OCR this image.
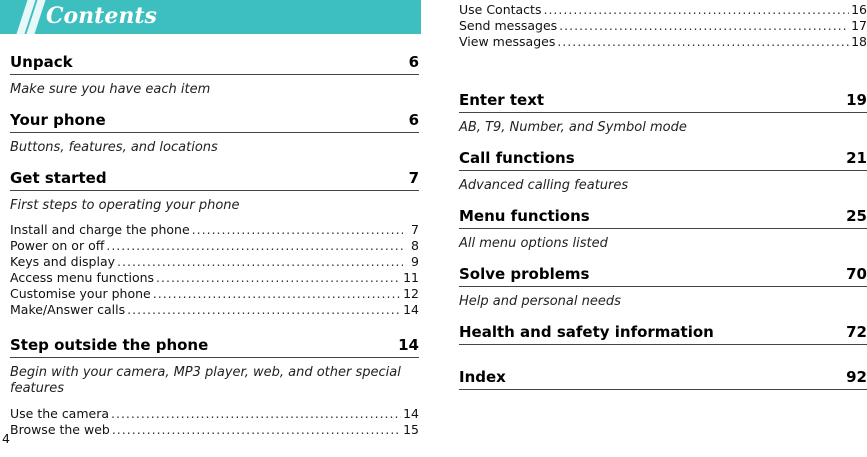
Contents
Unpack	6
Make sure you have each item
Your phone	6
Buttons, features, and locations
Get started	7
First steps to operating your phone
Install and charge the phone .....	7
Power on or off .....	8
Keys and display .....	9
Access menu functions .....	11
Customise your phone .....	12
Make/Answer calls .....	14
Step outside the phone	14
Begin with your camera, MP3 player, web, and other special features
Use the camera .....	14
Browse the web .....	15
4
Use Contacts .....	16
Send messages .....	17
View messages .....	18
Enter text	19
AB, T9, Number, and Symbol mode
Call functions	21
Advanced calling features
Menu functions	25
All menu options listed
Solve problems	70
Help and personal needs
Health and safety information	72
Index	92
